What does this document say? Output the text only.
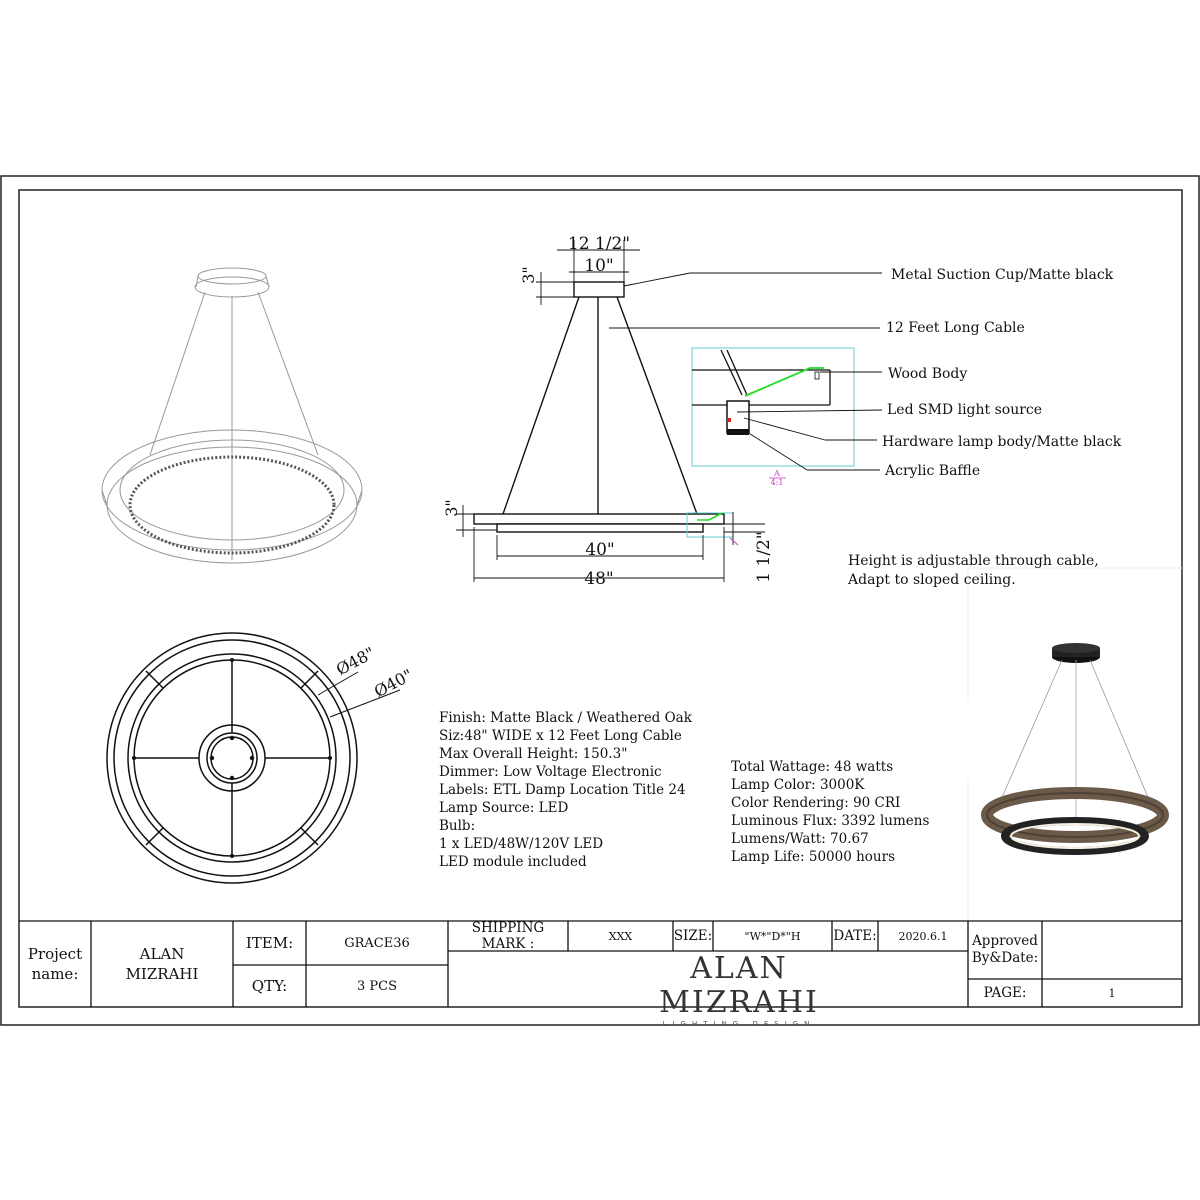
12 1/2"
10"
3"
3"
40"
48"	1 1/2"
A
4:1
Metal Suction Cup/Matte black
12 Feet Long Cable
Wood Body
Led SMD light source
Hardware lamp body/Matte black
Acrylic Baffle
Ø48"
Ø40"
Height is adjustable through cable,
Adapt to sloped ceiling.
Finish: Matte Black / Weathered Oak
Siz:48" WIDE x 12 Feet Long Cable
Max Overall Height: 150.3"
Dimmer: Low Voltage Electronic
Labels: ETL Damp Location Title 24
Lamp Source: LED
Bulb:
1 x LED/48W/120V LED
LED module included
Total Wattage: 48 watts
Lamp Color: 3000K
Color Rendering: 90 CRI
Luminous Flux: 3392 lumens
Lumens/Watt: 70.67
Lamp Life: 50000 hours
Project name:
ALAN MIZRAHI
ITEM:	GRACE36
QTY:	3 PCS
SHIPPING MARK :	XXX	SIZE:	"W*"D*"H	DATE:	2020.6.1	Approved By&Date:
PAGE:	1
ALAN MIZRAHI
LIGHTING DESIGN
